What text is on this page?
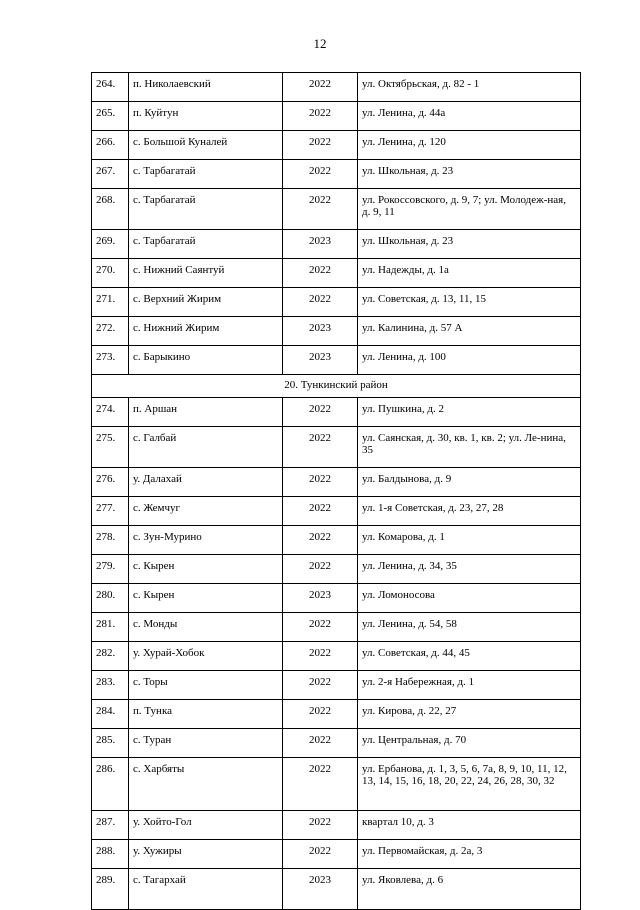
12
264.	п. Николаевский	2022	ул. Октябрьская, д. 82 - 1
265.	п. Куйтун	2022	ул. Ленина, д. 44а
266.	с. Большой Куналей	2022	ул. Ленина, д. 120
267.	с. Тарбагатай	2022	ул. Школьная, д. 23
268.	с. Тарбагатай	2022	ул. Рокоссовского, д. 9, 7; ул. Молодеж-ная, д. 9, 11
269.	с. Тарбагатай	2023	ул. Школьная, д. 23
270.	с. Нижний Саянтуй	2022	ул. Надежды, д. 1а
271.	с. Верхний Жирим	2022	ул. Советская, д. 13, 11, 15
272.	с. Нижний Жирим	2023	ул. Калинина, д. 57 А
273.	с. Барыкино	2023	ул. Ленина, д. 100
20. Тункинский район			
274.	п. Аршан	2022	ул. Пушкина, д. 2
275.	с. Галбай	2022	ул. Саянская, д. 30, кв. 1, кв. 2; ул. Ле-нина, 35
276.	у. Далахай	2022	ул. Балдынова, д. 9
277.	с. Жемчуг	2022	ул. 1-я Советская, д. 23, 27, 28
278.	с. Зун-Мурино	2022	ул. Комарова, д. 1
279.	с. Кырен	2022	ул. Ленина, д. 34, 35
280.	с. Кырен	2023	ул. Ломоносова
281.	с. Монды	2022	ул. Ленина, д. 54, 58
282.	у. Хурай-Хобок	2022	ул. Советская, д. 44, 45
283.	с. Торы	2022	ул. 2-я Набережная, д. 1
284.	п. Тунка	2022	ул. Кирова, д. 22, 27
285.	с. Туран	2022	ул. Центральная, д. 70
286.	с. Харбяты	2022	ул. Ербанова, д. 1, 3, 5, 6, 7а, 8, 9, 10, 11, 12, 13, 14, 15, 16, 18, 20, 22, 24, 26, 28, 30, 32
287.	у. Хойто-Гол	2022	квартал 10, д. 3
288.	у. Хужиры	2022	ул. Первомайская, д. 2а, 3
289.	с. Тагархай	2023	ул. Яковлева, д. 6
